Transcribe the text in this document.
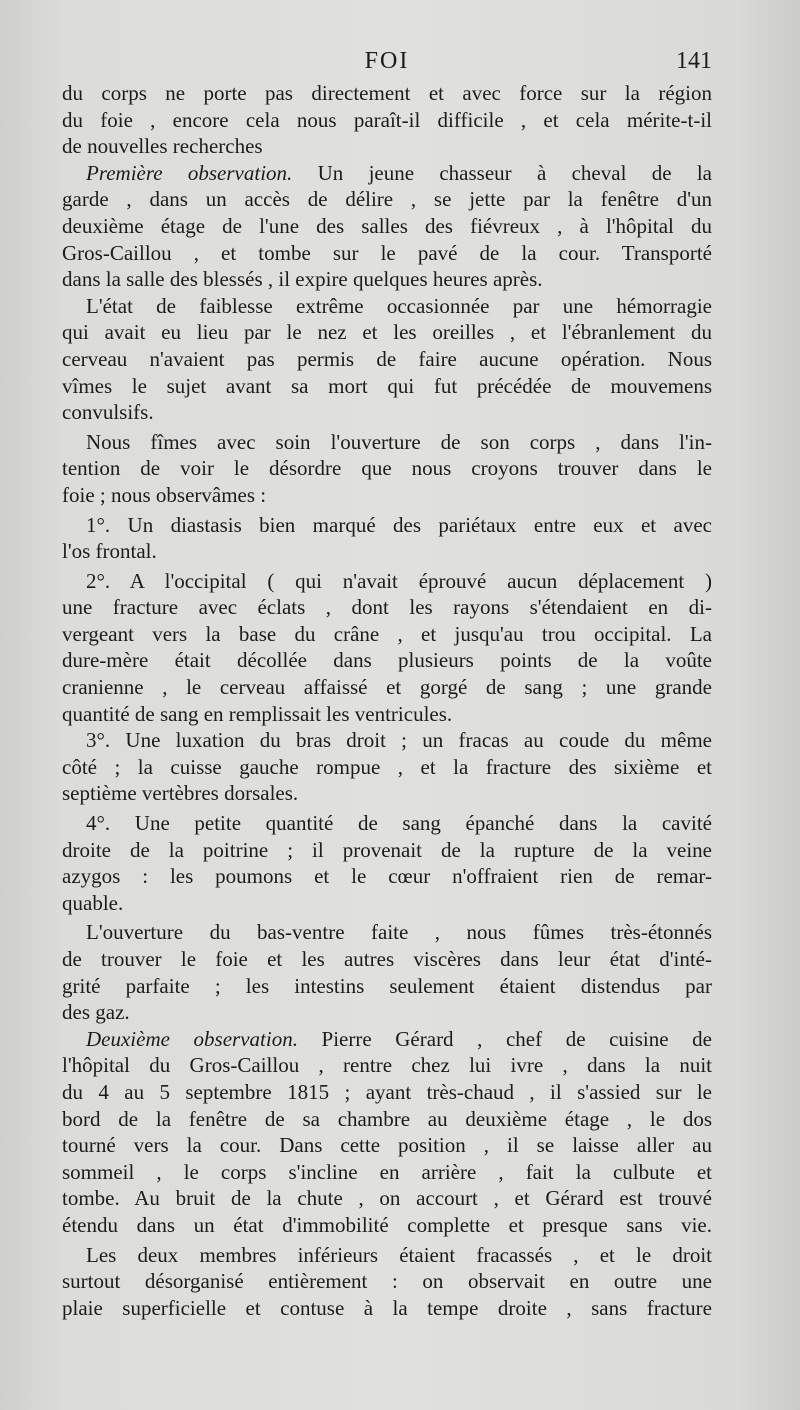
FOI	141
du corps ne porte pas directement et avec force sur la région
du foie , encore cela nous paraît-il difficile , et cela mérite-t-il
de nouvelles recherches
Première observation. Un jeune chasseur à cheval de la
garde , dans un accès de délire , se jette par la fenêtre d'un
deuxième étage de l'une des salles des fiévreux , à l'hôpital du
Gros-Caillou , et tombe sur le pavé de la cour. Transporté
dans la salle des blessés , il expire quelques heures après.
L'état de faiblesse extrême occasionnée par une hémorragie
qui avait eu lieu par le nez et les oreilles , et l'ébranlement du
cerveau n'avaient pas permis de faire aucune opération. Nous
vîmes le sujet avant sa mort qui fut précédée de mouvemens
convulsifs.
Nous fîmes avec soin l'ouverture de son corps , dans l'in-
tention de voir le désordre que nous croyons trouver dans le
foie ; nous observâmes :
1°. Un diastasis bien marqué des pariétaux entre eux et avec
l'os frontal.
2°. A l'occipital ( qui n'avait éprouvé aucun déplacement )
une fracture avec éclats , dont les rayons s'étendaient en di-
vergeant vers la base du crâne , et jusqu'au trou occipital. La
dure-mère était décollée dans plusieurs points de la voûte
cranienne , le cerveau affaissé et gorgé de sang ; une grande
quantité de sang en remplissait les ventricules.
3°. Une luxation du bras droit ; un fracas au coude du même
côté ; la cuisse gauche rompue , et la fracture des sixième et
septième vertèbres dorsales.
4°. Une petite quantité de sang épanché dans la cavité
droite de la poitrine ; il provenait de la rupture de la veine
azygos : les poumons et le cœur n'offraient rien de remar-
quable.
L'ouverture du bas-ventre faite , nous fûmes très-étonnés
de trouver le foie et les autres viscères dans leur état d'inté-
grité parfaite ; les intestins seulement étaient distendus par
des gaz.
Deuxième observation. Pierre Gérard , chef de cuisine de
l'hôpital du Gros-Caillou , rentre chez lui ivre , dans la nuit
du 4 au 5 septembre 1815 ; ayant très-chaud , il s'assied sur le
bord de la fenêtre de sa chambre au deuxième étage , le dos
tourné vers la cour. Dans cette position , il se laisse aller au
sommeil , le corps s'incline en arrière , fait la culbute et
tombe. Au bruit de la chute , on accourt , et Gérard est trouvé
étendu dans un état d'immobilité complette et presque sans vie.
Les deux membres inférieurs étaient fracassés , et le droit
surtout désorganisé entièrement : on observait en outre une
plaie superficielle et contuse à la tempe droite , sans fracture
